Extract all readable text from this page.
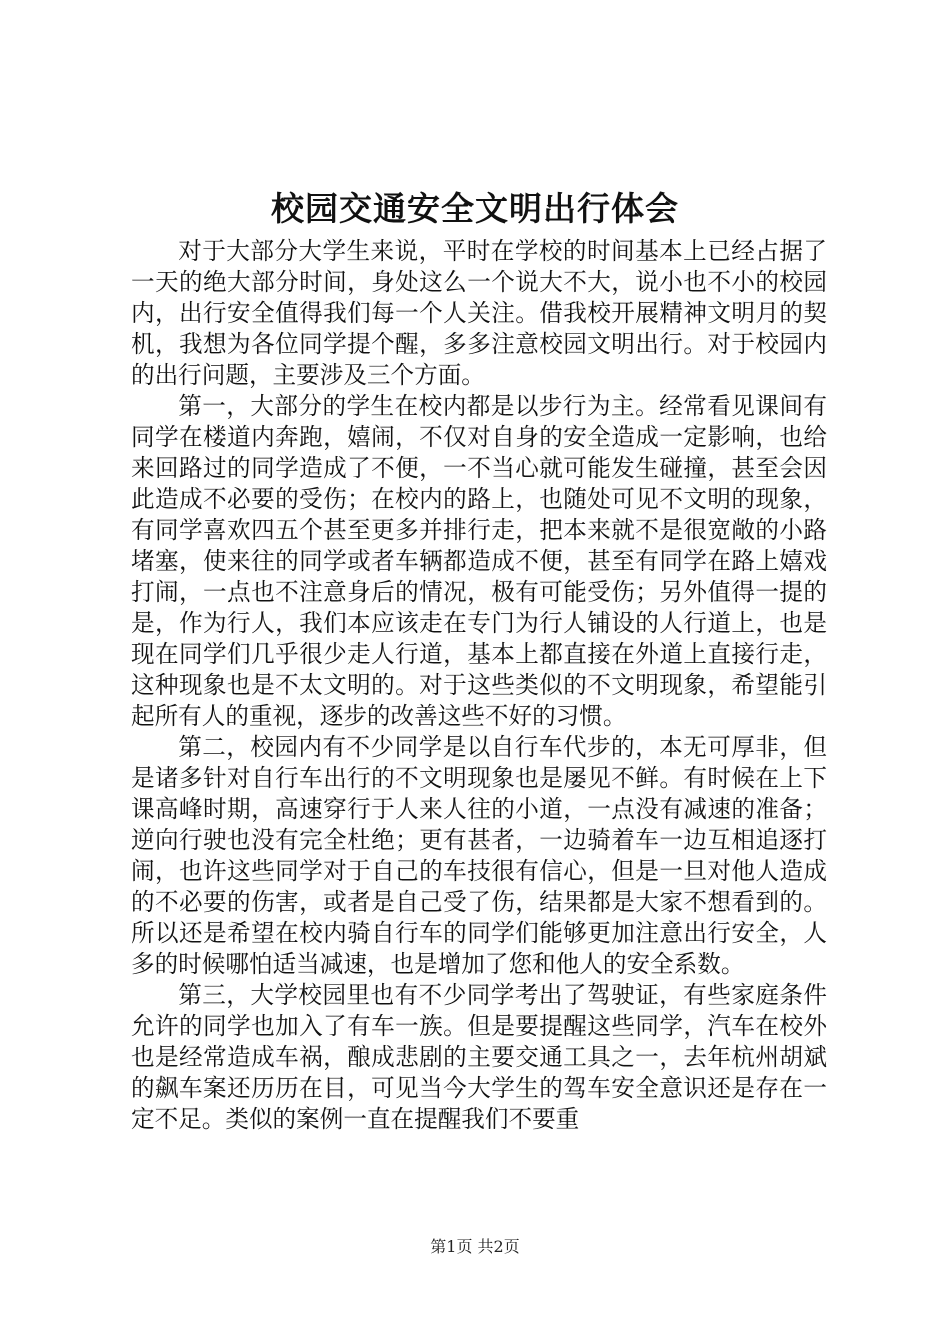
校园交通安全文明出行体会

对于大部分大学生来说，平时在学校的时间基本上已经占据了一天的绝大部分时间，身处这么一个说大不大，说小也不小的校园内，出行安全值得我们每一个人关注。借我校开展精神文明月的契机，我想为各位同学提个醒，多多注意校园文明出行。对于校园内的出行问题，主要涉及三个方面。

第一，大部分的学生在校内都是以步行为主。经常看见课间有同学在楼道内奔跑，嬉闹，不仅对自身的安全造成一定影响，也给来回路过的同学造成了不便，一不当心就可能发生碰撞，甚至会因此造成不必要的受伤；在校内的路上，也随处可见不文明的现象，有同学喜欢四五个甚至更多并排行走，把本来就不是很宽敞的小路堵塞，使来往的同学或者车辆都造成不便，甚至有同学在路上嬉戏打闹，一点也不注意身后的情况，极有可能受伤；另外值得一提的是，作为行人，我们本应该走在专门为行人铺设的人行道上，也是现在同学们几乎很少走人行道，基本上都直接在外道上直接行走，这种现象也是不太文明的。对于这些类似的不文明现象，希望能引起所有人的重视，逐步的改善这些不好的习惯。

第二，校园内有不少同学是以自行车代步的，本无可厚非，但是诸多针对自行车出行的不文明现象也是屡见不鲜。有时候在上下课高峰时期，高速穿行于人来人往的小道，一点没有减速的准备；逆向行驶也没有完全杜绝；更有甚者，一边骑着车一边互相追逐打闹，也许这些同学对于自己的车技很有信心，但是一旦对他人造成的不必要的伤害，或者是自己受了伤，结果都是大家不想看到的。所以还是希望在校内骑自行车的同学们能够更加注意出行安全，人多的时候哪怕适当减速，也是增加了您和他人的安全系数。

第三，大学校园里也有不少同学考出了驾驶证，有些家庭条件允许的同学也加入了有车一族。但是要提醒这些同学，汽车在校外也是经常造成车祸，酿成悲剧的主要交通工具之一，去年杭州胡斌的飙车案还历历在目，可见当今大学生的驾车安全意识还是存在一定不足。类似的案例一直在提醒我们不要重

第1页 共2页
